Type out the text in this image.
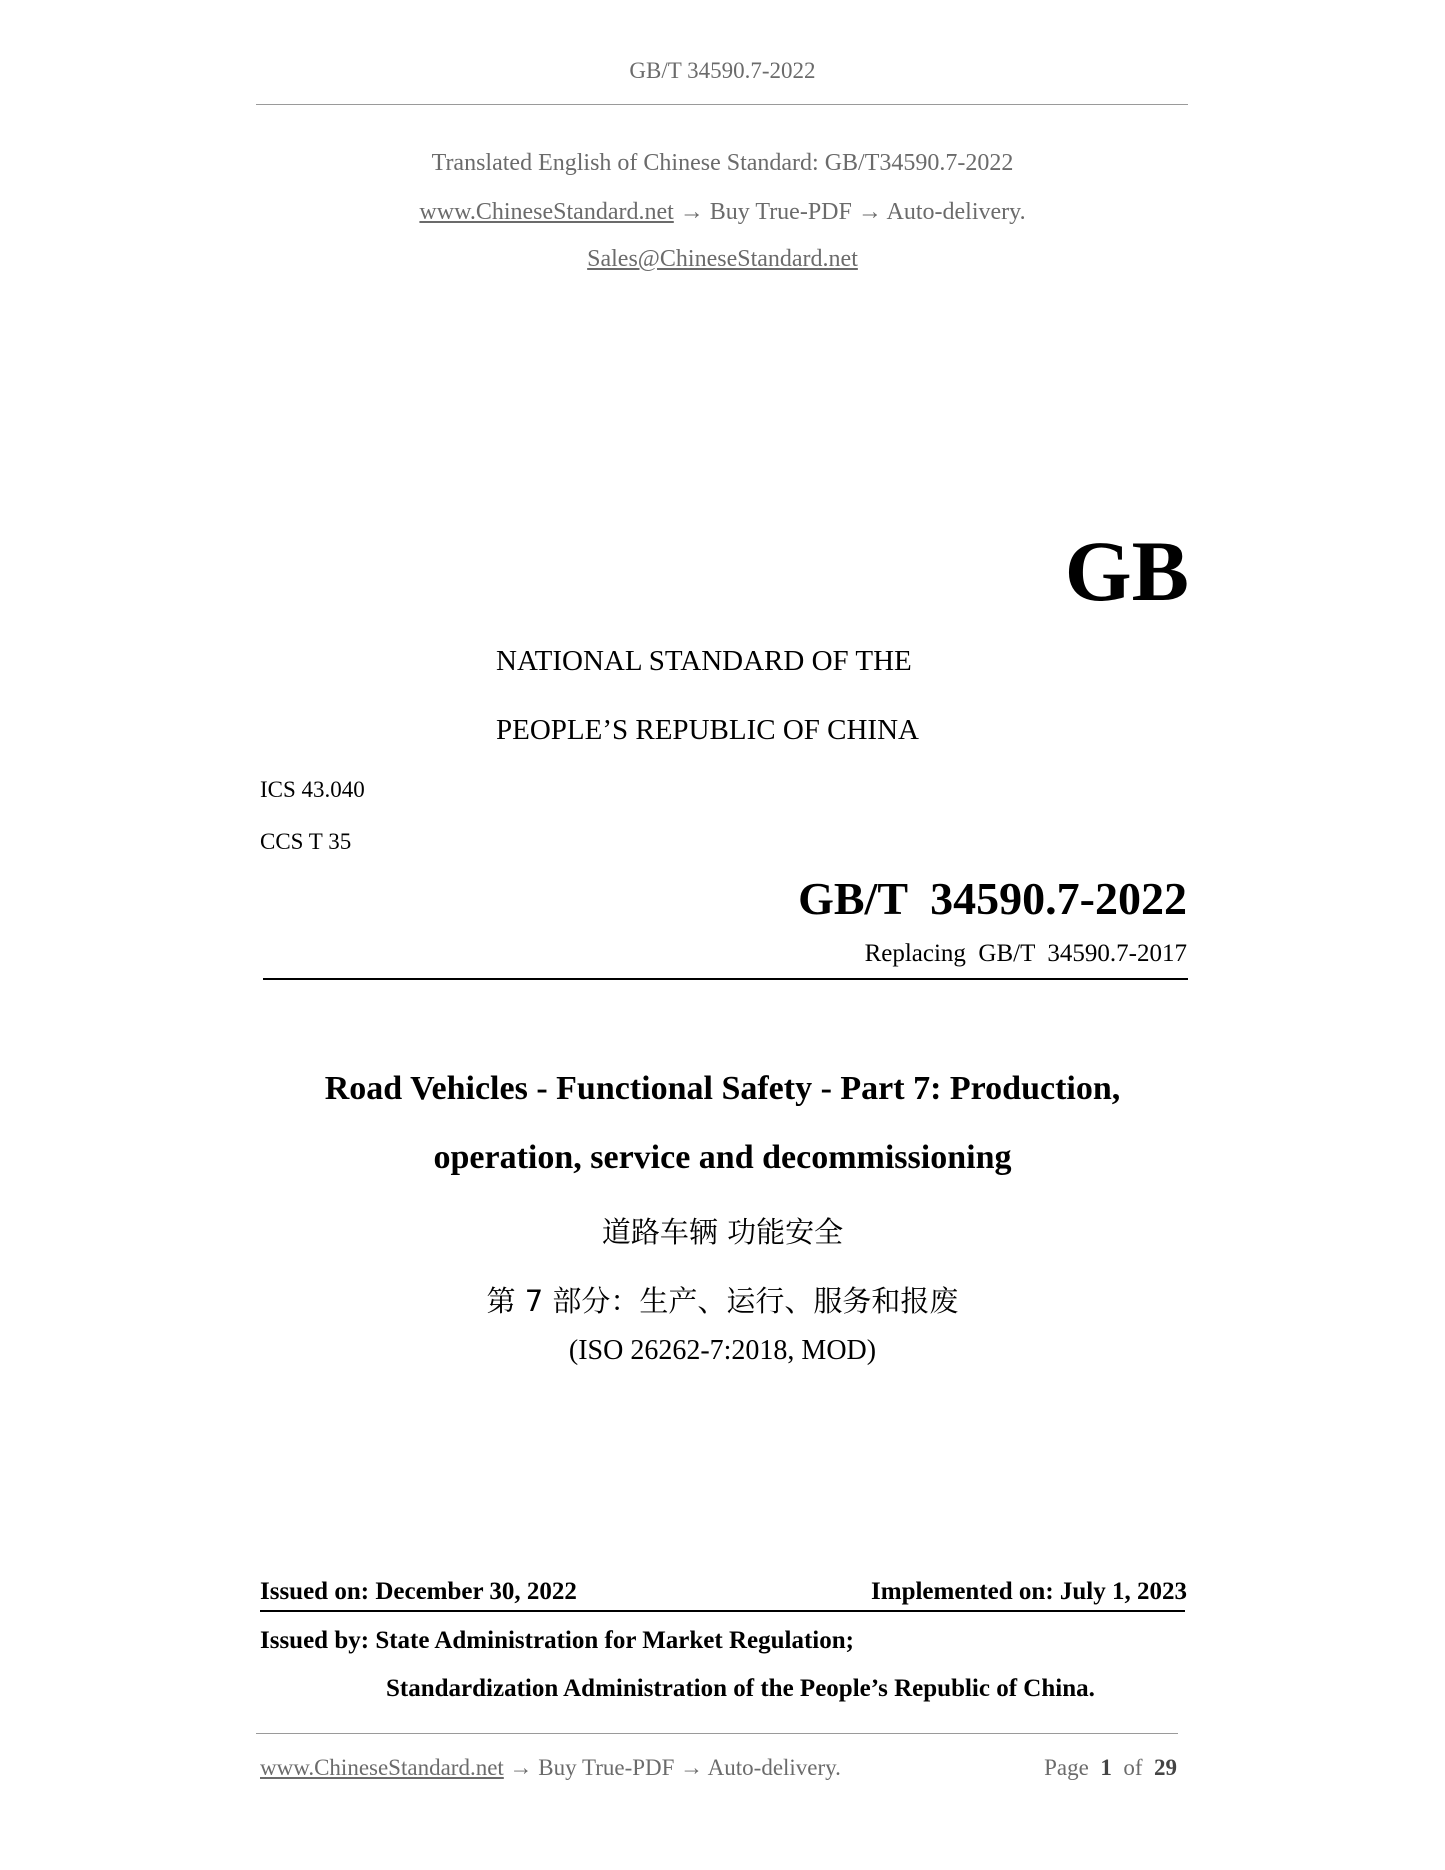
GB/T 34590.7-2022
Translated English of Chinese Standard: GB/T34590.7-2022
www.ChineseStandard.net → Buy True-PDF → Auto-delivery.
Sales@ChineseStandard.net
GB
NATIONAL STANDARD OF THE
PEOPLE’S REPUBLIC OF CHINA
ICS 43.040
CCS T 35
GB/T  34590.7-2022
Replacing  GB/T  34590.7-2017
Road Vehicles - Functional Safety - Part 7: Production,
operation, service and decommissioning
道路车辆 功能安全
第 7 部分：生产、运行、服务和报废
(ISO 26262-7:2018, MOD)
Issued on: December 30, 2022	Implemented on: July 1, 2023
Issued by: State Administration for Market Regulation;
Standardization Administration of the People’s Republic of China.
www.ChineseStandard.net → Buy True-PDF → Auto-delivery.	Page 1 of 29
